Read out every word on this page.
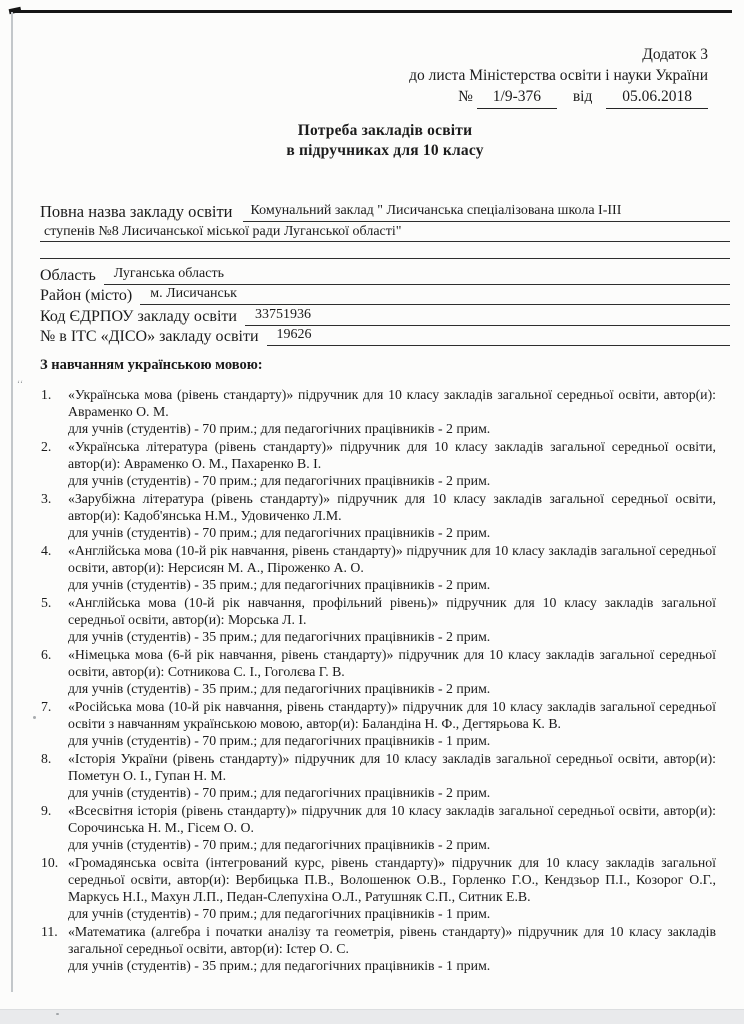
ʻʻ
Додаток 3
до листа Міністерства освіти і науки України
№ 1/9-376 від 05.06.2018
Потреба закладів освіти
в підручниках для 10 класу
Повна назва закладу освіти	Комунальний заклад " Лисичанська спеціалізована школа І-ІІІ
ступенів №8 Лисичанської міської ради Луганської області"
Область	Луганська область
Район (місто)	м. Лисичанськ
Код ЄДРПОУ закладу освіти	33751936
№ в ІТС «ДІСО» закладу освіти	19626
З навчанням українською мовою:
1.	«Українська мова (рівень стандарту)» підручник для 10 класу закладів загальної середньої освіти, автор(и): Авраменко О. М.
для учнів (студентів) - 70 прим.; для педагогічних працівників - 2 прим.
2.	«Українська література (рівень стандарту)» підручник для 10 класу закладів загальної середньої освіти, автор(и): Авраменко О. М., Пахаренко В. І.
для учнів (студентів) - 70 прим.; для педагогічних працівників - 2 прим.
3.	«Зарубіжна література (рівень стандарту)» підручник для 10 класу закладів загальної середньої освіти, автор(и): Кадоб'янська Н.М., Удовиченко Л.М.
для учнів (студентів) - 70 прим.; для педагогічних працівників - 2 прим.
4.	«Англійська мова (10-й рік навчання, рівень стандарту)» підручник для 10 класу закладів загальної середньої освіти, автор(и): Нерсисян М. А., Піроженко А. О.
для учнів (студентів) - 35 прим.; для педагогічних працівників - 2 прим.
5.	«Англійська мова (10-й рік навчання, профільний рівень)» підручник для 10 класу закладів загальної середньої освіти, автор(и): Морська Л. І.
для учнів (студентів) - 35 прим.; для педагогічних працівників - 2 прим.
6.	«Німецька мова (6-й рік навчання, рівень стандарту)» підручник для 10 класу закладів загальної середньої освіти, автор(и): Сотникова С. І., Гоголєва Г. В.
для учнів (студентів) - 35 прим.; для педагогічних працівників - 2 прим.
7.	«Російська мова (10-й рік навчання, рівень стандарту)» підручник для 10 класу закладів загальної середньої освіти з навчанням українською мовою, автор(и): Баландіна Н. Ф., Дегтярьова К. В.
для учнів (студентів) - 70 прим.; для педагогічних працівників - 1 прим.
8.	«Історія України (рівень стандарту)» підручник для 10 класу закладів загальної середньої освіти, автор(и): Пометун О. І., Гупан Н. М.
для учнів (студентів) - 70 прим.; для педагогічних працівників - 2 прим.
9.	«Всесвітня історія (рівень стандарту)» підручник для 10 класу закладів загальної середньої освіти, автор(и): Сорочинська Н. М., Гісем О. О.
для учнів (студентів) - 70 прим.; для педагогічних працівників - 2 прим.
10. «Громадянська освіта (інтегрований курс, рівень стандарту)» підручник для 10 класу закладів загальної середньої освіти, автор(и): Вербицька П.В., Волошенюк О.В., Горленко Г.О., Кендзьор П.І., Козорог О.Г., Маркусь Н.І., Махун Л.П., Педан-Слепухіна О.Л., Ратушняк С.П., Ситник Е.В.
для учнів (студентів) - 70 прим.; для педагогічних працівників - 1 прим.
11. «Математика (алгебра і початки аналізу та геометрія, рівень стандарту)» підручник для 10 класу закладів загальної середньої освіти, автор(и): Істер О. С.
для учнів (студентів) - 35 прим.; для педагогічних працівників - 1 прим.
